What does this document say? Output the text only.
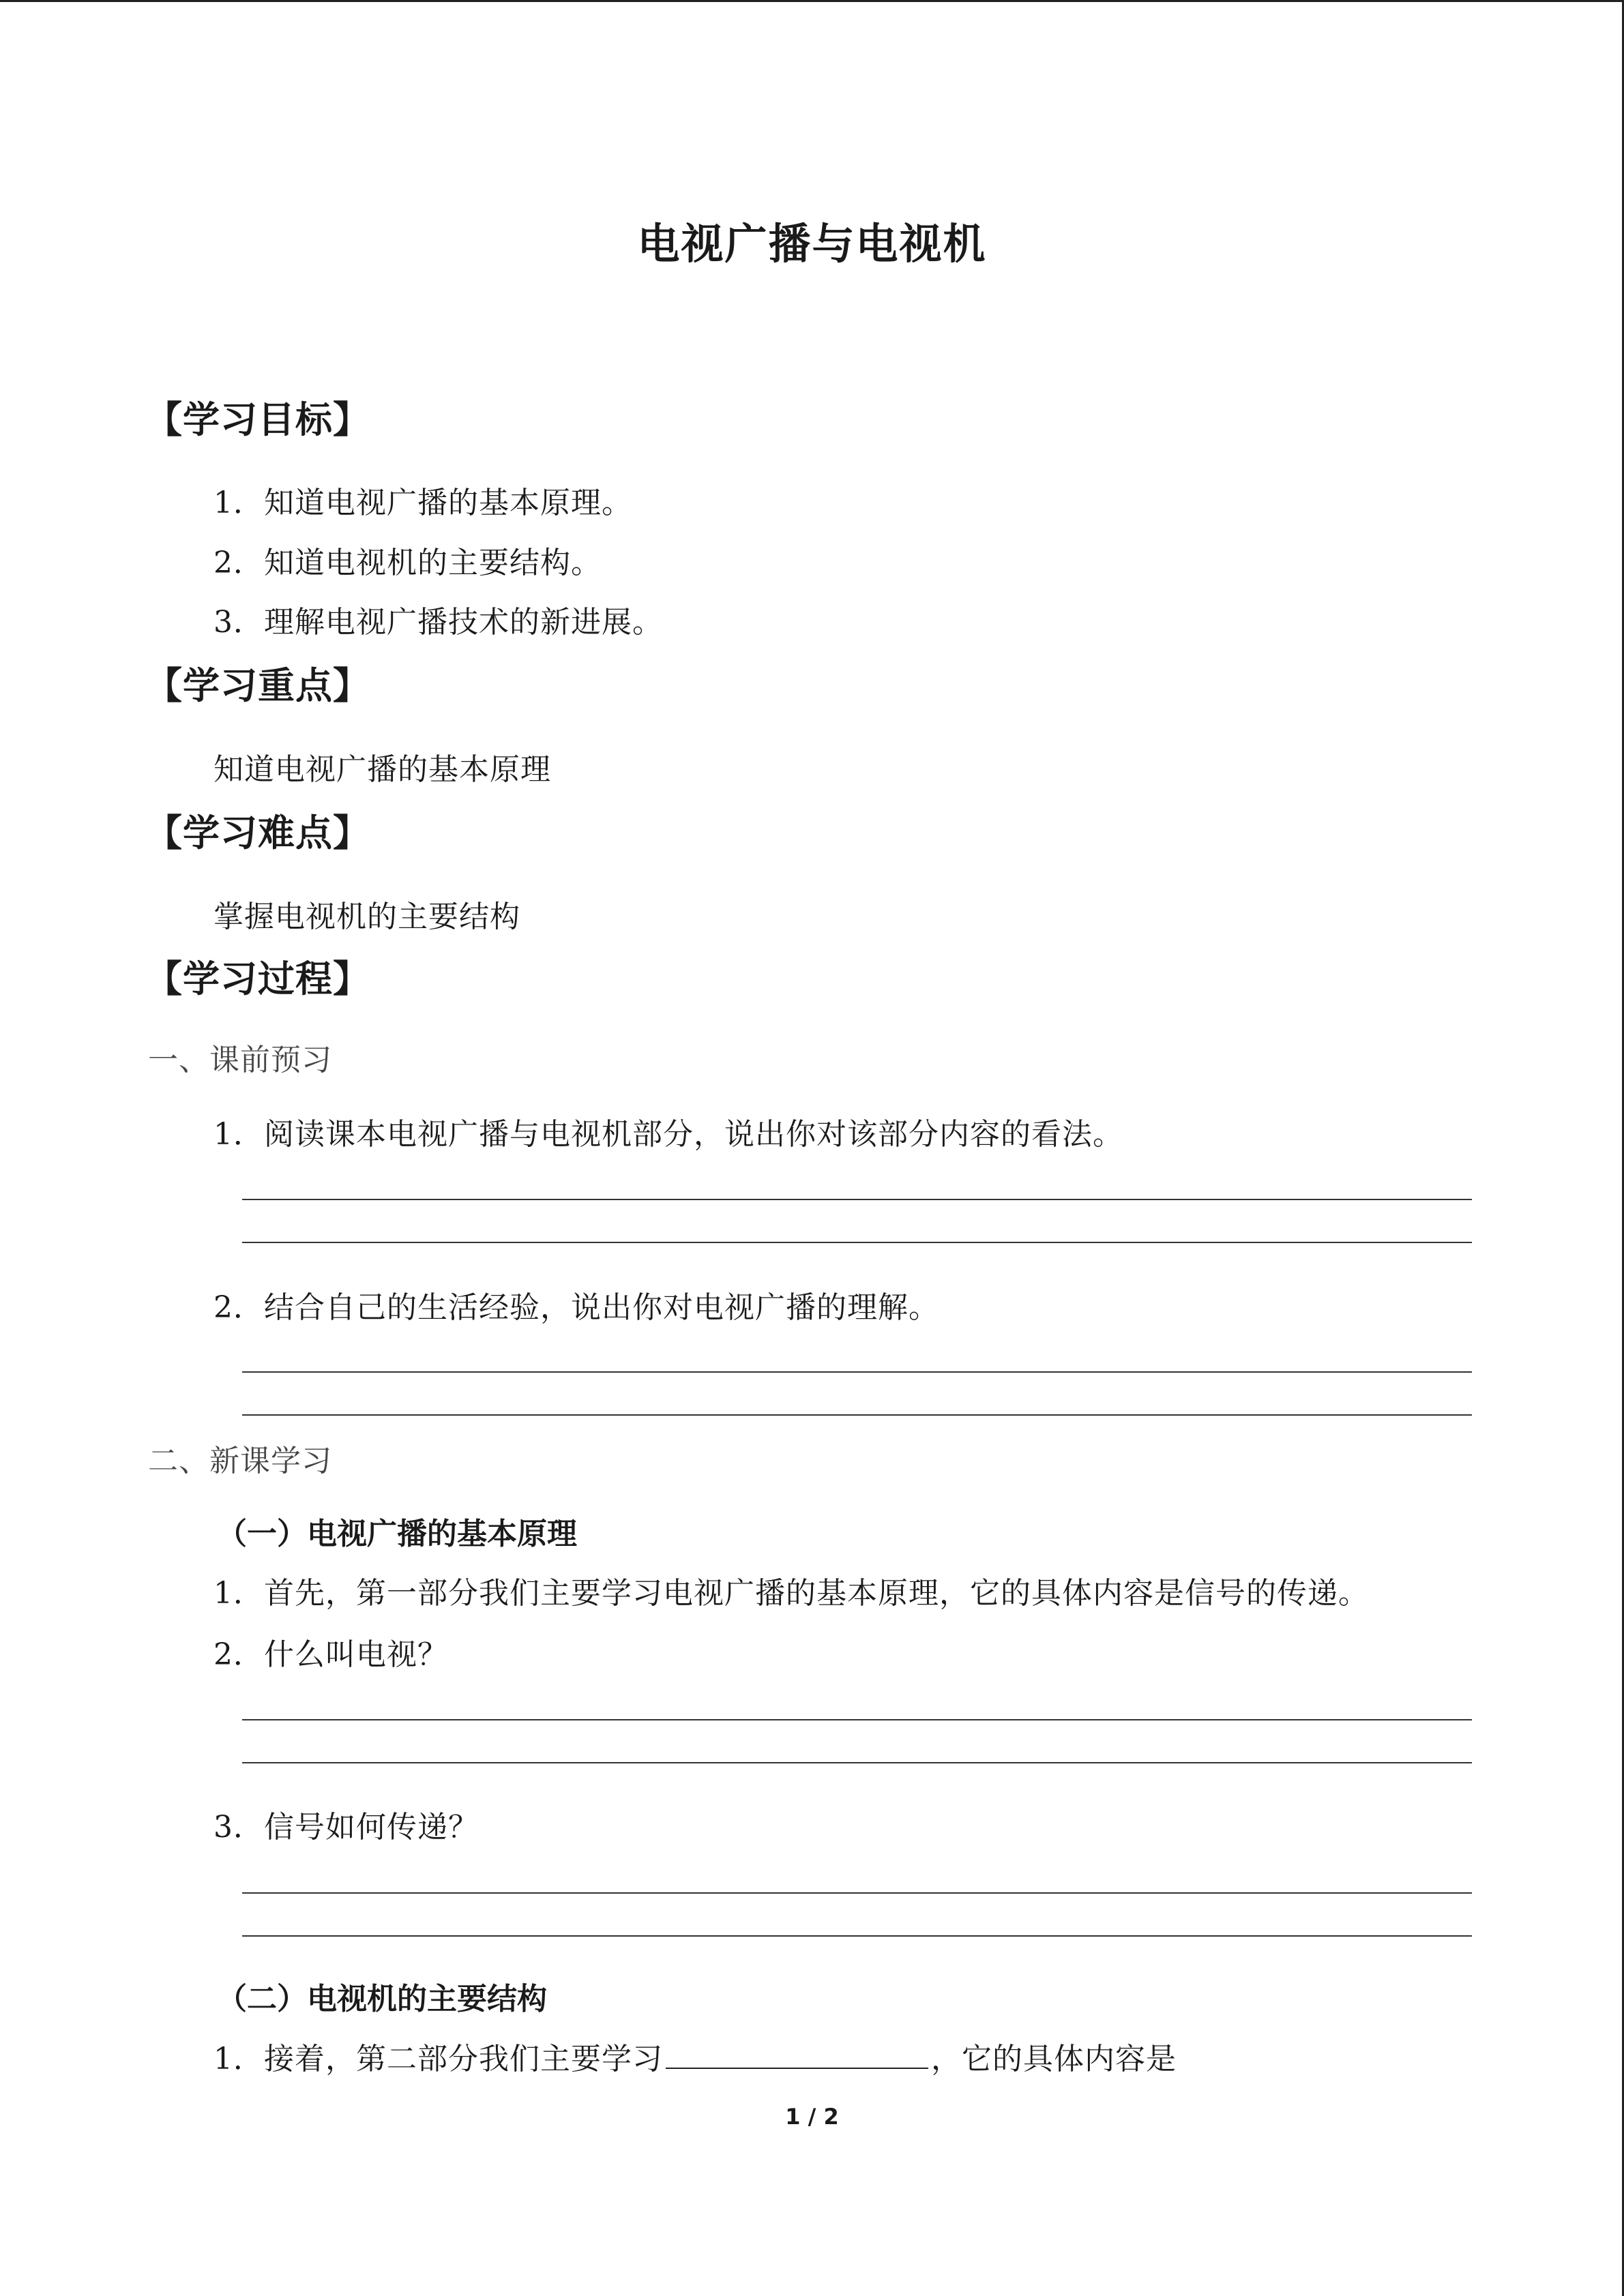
电视广播与电视机
【学习目标】
1．知道电视广播的基本原理。
2．知道电视机的主要结构。
3．理解电视广播技术的新进展。
【学习重点】
知道电视广播的基本原理
【学习难点】
掌握电视机的主要结构
【学习过程】
一、课前预习
1．阅读课本电视广播与电视机部分，说出你对该部分内容的看法。
2．结合自己的生活经验，说出你对电视广播的理解。
二、新课学习
（一）电视广播的基本原理
1．首先，第一部分我们主要学习电视广播的基本原理，它的具体内容是信号的传递。
2．什么叫电视？
3．信号如何传递？
（二）电视机的主要结构
1．接着，第二部分我们主要学习	，它的具体内容是
1 / 2
